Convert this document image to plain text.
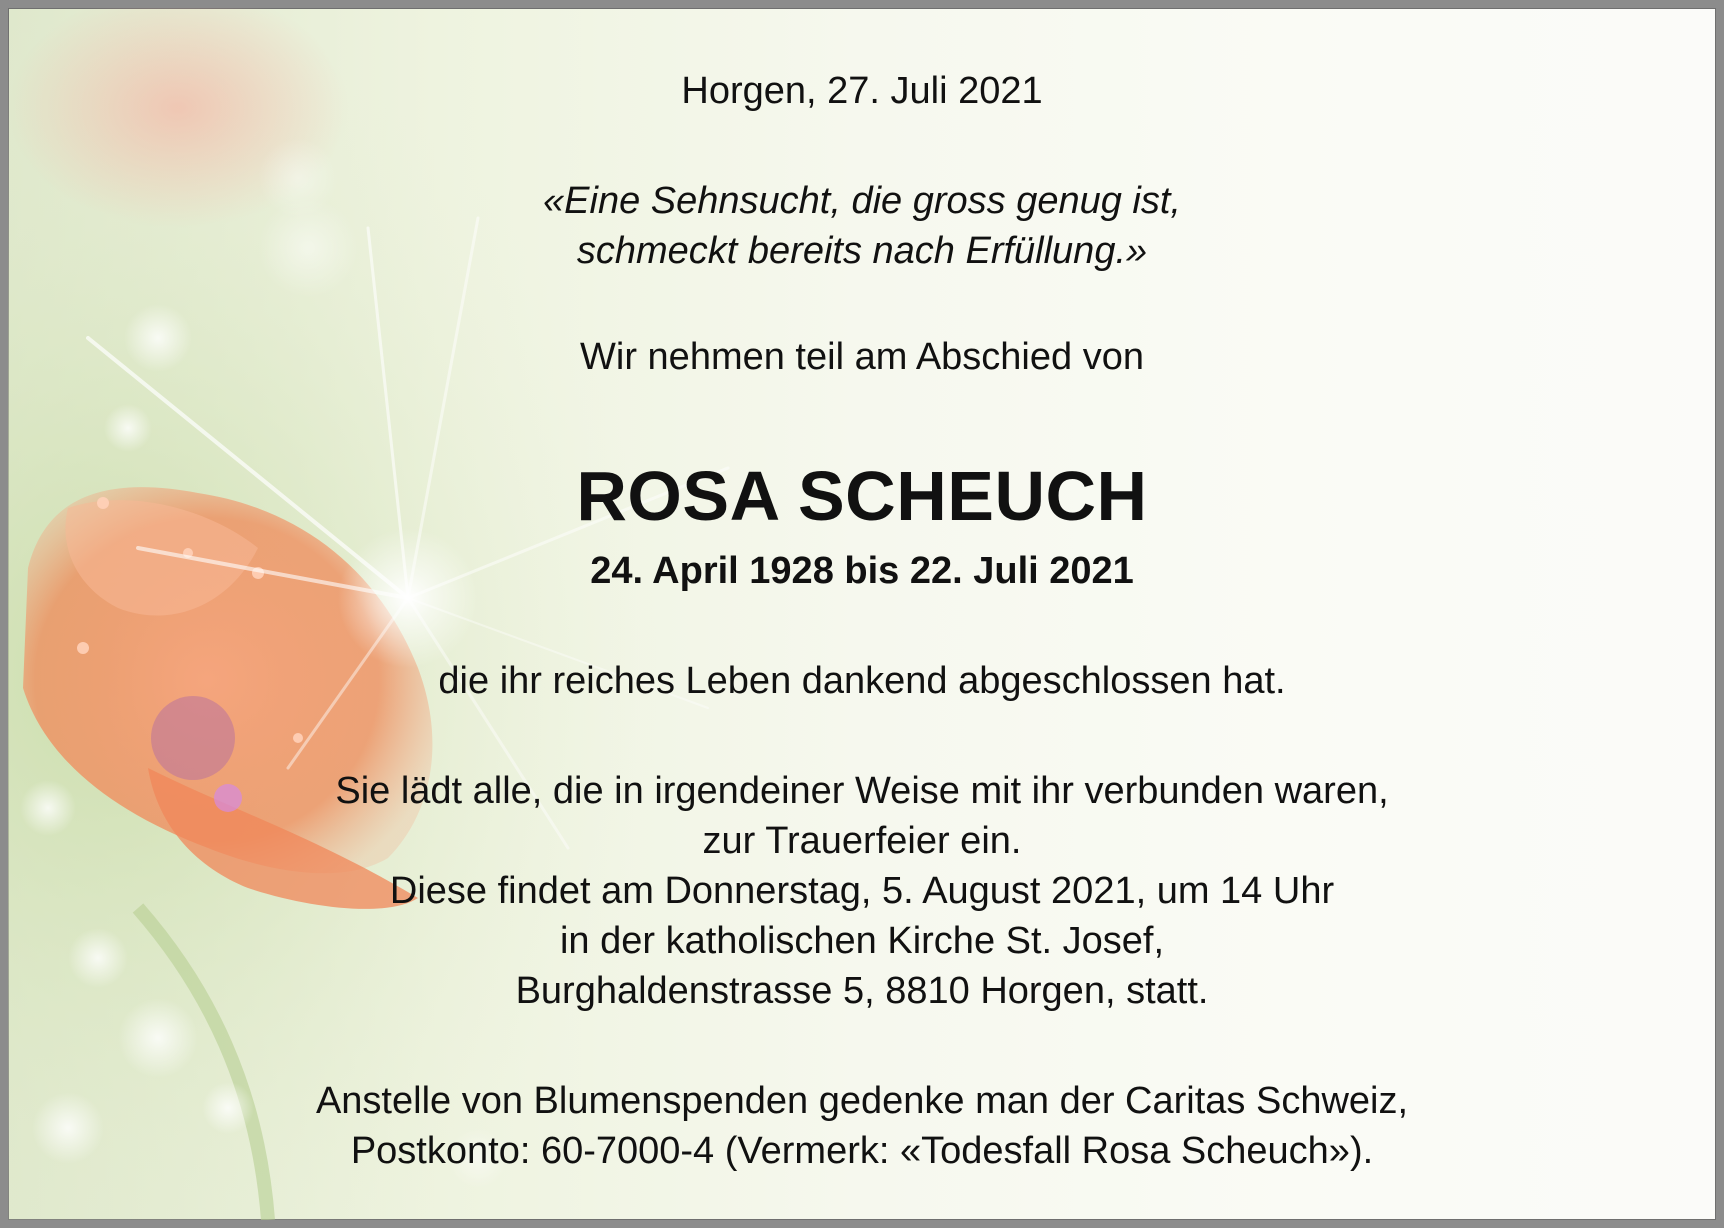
Horgen, 27. Juli 2021

«Eine Sehnsucht, die gross genug ist,
schmeckt bereits nach Erfüllung.»

Wir nehmen teil am Abschied von

ROSA SCHEUCH

24. April 1928 bis 22. Juli 2021

die ihr reiches Leben dankend abgeschlossen hat.

Sie lädt alle, die in irgendeiner Weise mit ihr verbunden waren,
zur Trauerfeier ein.
Diese findet am Donnerstag, 5. August 2021, um 14 Uhr
in der katholischen Kirche St. Josef,
Burghaldenstrasse 5, 8810 Horgen, statt.

Anstelle von Blumenspenden gedenke man der Caritas Schweiz,
Postkonto: 60-7000-4 (Vermerk: «Todesfall Rosa Scheuch»).
